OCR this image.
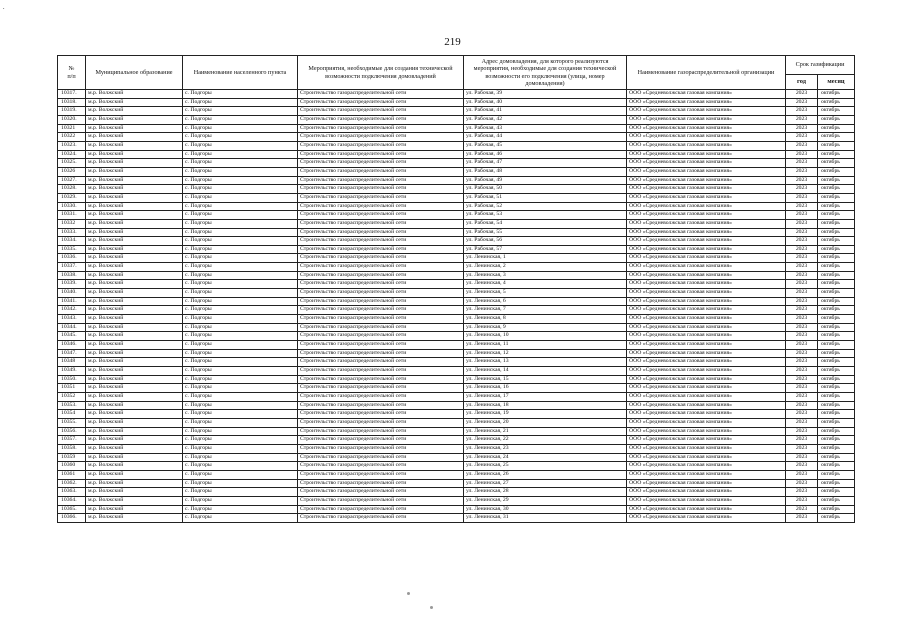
.
219
№
п/п	Муниципальное образование	Наименование населенного пункта	Мероприятия, необходимые для создания технической возможности подключения домовладений	Адрес домовладения, для которого реализуются мероприятия, необходимые для создания технической возможности его подключения (улица, номер домовладения)	Наименование газораспределительной организации	Срок газификации	
						год	месяц
10317.	м.р. Волжский	с. Подгоры	Строительство газораспределительной сети	ул. Рабочая, 39	ООО «Средневолжская газовая компания»	2023	октябрь
10318.	м.р. Волжский	с. Подгоры	Строительство газораспределительной сети	ул. Рабочая, 40	ООО «Средневолжская газовая компания»	2023	октябрь
10319.	м.р. Волжский	с. Подгоры	Строительство газораспределительной сети	ул. Рабочая, 41	ООО «Средневолжская газовая компания»	2023	октябрь
10320.	м.р. Волжский	с. Подгоры	Строительство газораспределительной сети	ул. Рабочая, 42	ООО «Средневолжская газовая компания»	2023	октябрь
10321	м.р. Волжский	с. Подгоры	Строительство газораспределительной сети	ул. Рабочая, 43	ООО «Средневолжская газовая компания»	2023	октябрь
10322	м.р. Волжский	с. Подгоры	Строительство газораспределительной сети	ул. Рабочая, 44	ООО «Средневолжская газовая компания»	2023	октябрь
10323.	м.р. Волжский	с. Подгоры	Строительство газораспределительной сети	ул. Рабочая, 45	ООО «Средневолжская газовая компания»	2023	октябрь
10324.	м.р. Волжский	с. Подгоры	Строительство газораспределительной сети	ул. Рабочая, 46	ООО «Средневолжская газовая компания»	2023	октябрь
10325.	м.р. Волжский	с. Подгоры	Строительство газораспределительной сети	ул. Рабочая, 47	ООО «Средневолжская газовая компания»	2023	октябрь
10326	м.р. Волжский	с. Подгоры	Строительство газораспределительной сети	ул. Рабочая, 48	ООО «Средневолжская газовая компания»	2023	октябрь
10327.	м.р. Волжский	с. Подгоры	Строительство газораспределительной сети	ул. Рабочая, 49	ООО «Средневолжская газовая компания»	2023	октябрь
10328.	м.р. Волжский	с. Подгоры	Строительство газораспределительной сети	ул. Рабочая, 50	ООО «Средневолжская газовая компания»	2023	октябрь
10329.	м.р. Волжский	с. Подгоры	Строительство газораспределительной сети	ул. Рабочая, 51	ООО «Средневолжская газовая компания»	2023	октябрь
10330.	м.р. Волжский	с. Подгоры	Строительство газораспределительной сети	ул. Рабочая, 52	ООО «Средневолжская газовая компания»	2023	октябрь
10331.	м.р. Волжский	с. Подгоры	Строительство газораспределительной сети	ул. Рабочая, 53	ООО «Средневолжская газовая компания»	2023	октябрь
10332	м.р. Волжский	с. Подгоры	Строительство газораспределительной сети	ул. Рабочая, 54	ООО «Средневолжская газовая компания»	2023	октябрь
10333.	м.р. Волжский	с. Подгоры	Строительство газораспределительной сети	ул. Рабочая, 55	ООО «Средневолжская газовая компания»	2023	октябрь
10334.	м.р. Волжский	с. Подгоры	Строительство газораспределительной сети	ул. Рабочая, 56	ООО «Средневолжская газовая компания»	2023	октябрь
10335.	м.р. Волжский	с. Подгоры	Строительство газораспределительной сети	ул. Рабочая, 57	ООО «Средневолжская газовая компания»	2023	октябрь
10336.	м.р. Волжский	с. Подгоры	Строительство газораспределительной сети	ул. Ленинская, 1	ООО «Средневолжская газовая компания»	2023	октябрь
10337.	м.р. Волжский	с. Подгоры	Строительство газораспределительной сети	ул. Ленинская, 2	ООО «Средневолжская газовая компания»	2023	октябрь
10338.	м.р. Волжский	с. Подгоры	Строительство газораспределительной сети	ул. Ленинская, 3	ООО «Средневолжская газовая компания»	2023	октябрь
10339.	м.р. Волжский	с. Подгоры	Строительство газораспределительной сети	ул. Ленинская, 4	ООО «Средневолжская газовая компания»	2023	октябрь
10340.	м.р. Волжский	с. Подгоры	Строительство газораспределительной сети	ул. Ленинская, 5	ООО «Средневолжская газовая компания»	2023	октябрь
10341.	м.р. Волжский	с. Подгоры	Строительство газораспределительной сети	ул. Ленинская, 6	ООО «Средневолжская газовая компания»	2023	октябрь
10342.	м.р. Волжский	с. Подгоры	Строительство газораспределительной сети	ул. Ленинская, 7	ООО «Средневолжская газовая компания»	2023	октябрь
10343.	м.р. Волжский	с. Подгоры	Строительство газораспределительной сети	ул. Ленинская, 8	ООО «Средневолжская газовая компания»	2023	октябрь
10344.	м.р. Волжский	с. Подгоры	Строительство газораспределительной сети	ул. Ленинская, 9	ООО «Средневолжская газовая компания»	2023	октябрь
10345.	м.р. Волжский	с. Подгоры	Строительство газораспределительной сети	ул. Ленинская, 10	ООО «Средневолжская газовая компания»	2023	октябрь
10346.	м.р. Волжский	с. Подгоры	Строительство газораспределительной сети	ул. Ленинская, 11	ООО «Средневолжская газовая компания»	2023	октябрь
10347.	м.р. Волжский	с. Подгоры	Строительство газораспределительной сети	ул. Ленинская, 12	ООО «Средневолжская газовая компания»	2023	октябрь
10348	м.р. Волжский	с. Подгоры	Строительство газораспределительной сети	ул. Ленинская, 13	ООО «Средневолжская газовая компания»	2023	октябрь
10349.	м.р. Волжский	с. Подгоры	Строительство газораспределительной сети	ул. Ленинская, 14	ООО «Средневолжская газовая компания»	2023	октябрь
10350.	м.р. Волжский	с. Подгоры	Строительство газораспределительной сети	ул. Ленинская, 15	ООО «Средневолжская газовая компания»	2023	октябрь
10351	м.р. Волжский	с. Подгоры	Строительство газораспределительной сети	ул. Ленинская, 16	ООО «Средневолжская газовая компания»	2023	октябрь
10352	м.р. Волжский	с. Подгоры	Строительство газораспределительной сети	ул. Ленинская, 17	ООО «Средневолжская газовая компания»	2023	октябрь
10353.	м.р. Волжский	с. Подгоры	Строительство газораспределительной сети	ул. Ленинская, 18	ООО «Средневолжская газовая компания»	2023	октябрь
10354	м.р. Волжский	с. Подгоры	Строительство газораспределительной сети	ул. Ленинская, 19	ООО «Средневолжская газовая компания»	2023	октябрь
10355.	м.р. Волжский	с. Подгоры	Строительство газораспределительной сети	ул. Ленинская, 20	ООО «Средневолжская газовая компания»	2023	октябрь
10356.	м.р. Волжский	с. Подгоры	Строительство газораспределительной сети	ул. Ленинская, 21	ООО «Средневолжская газовая компания»	2023	октябрь
10357.	м.р. Волжский	с. Подгоры	Строительство газораспределительной сети	ул. Ленинская, 22	ООО «Средневолжская газовая компания»	2023	октябрь
10358.	м.р. Волжский	с. Подгоры	Строительство газораспределительной сети	ул. Ленинская, 23	ООО «Средневолжская газовая компания»	2023	октябрь
10359	м.р. Волжский	с. Подгоры	Строительство газораспределительной сети	ул. Ленинская, 24	ООО «Средневолжская газовая компания»	2023	октябрь
10360	м.р. Волжский	с. Подгоры	Строительство газораспределительной сети	ул. Ленинская, 25	ООО «Средневолжская газовая компания»	2023	октябрь
10361	м.р. Волжский	с. Подгоры	Строительство газораспределительной сети	ул. Ленинская, 26	ООО «Средневолжская газовая компания»	2023	октябрь
10362.	м.р. Волжский	с. Подгоры	Строительство газораспределительной сети	ул. Ленинская, 27	ООО «Средневолжская газовая компания»	2023	октябрь
10363.	м.р. Волжский	с. Подгоры	Строительство газораспределительной сети	ул. Ленинская, 28	ООО «Средневолжская газовая компания»	2023	октябрь
10364.	м.р. Волжский	с. Подгоры	Строительство газораспределительной сети	ул. Ленинская, 29	ООО «Средневолжская газовая компания»	2023	октябрь
10365.	м.р. Волжский	с. Подгоры	Строительство газораспределительной сети	ул. Ленинская, 30	ООО «Средневолжская газовая компания»	2023	октябрь
10366.	м.р. Волжский	с. Подгоры	Строительство газораспределительной сети	ул. Ленинская, 31	ООО «Средневолжская газовая компания»	2023	октябрь
